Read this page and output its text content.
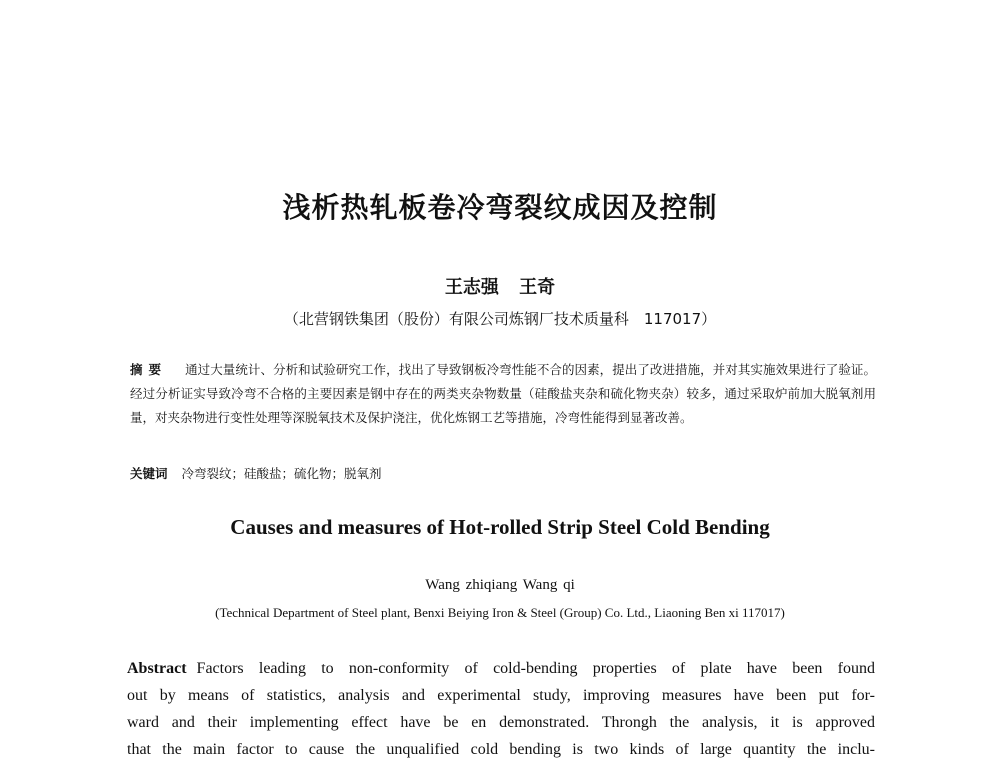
浅析热轧板卷冷弯裂纹成因及控制
王志强 王奇
（北营钢铁集团（股份）有限公司炼钢厂技术质量科　117017）
摘要 通过大量统计、分析和试验研究工作，找出了导致钢板冷弯性能不合的因素，提出了改进措施，并对其实施效果进行了验证。经过分析证实导致冷弯不合格的主要因素是钢中存在的两类夹杂物数量（硅酸盐夹杂和硫化物夹杂）较多，通过采取炉前加大脱氧剂用量，对夹杂物进行变性处理等深脱氧技术及保护浇注，优化炼钢工艺等措施，冷弯性能得到显著改善。
关键词 冷弯裂纹；硅酸盐；硫化物；脱氧剂
Causes and measures of Hot-rolled Strip Steel Cold Bending
Wang zhiqiang Wang qi
(Technical Department of Steel plant, Benxi Beiying Iron & Steel (Group) Co. Ltd., Liaoning Ben xi 117017)
Abstract Factors leading to non-conformity of cold-bending properties of plate have been found
out by means of statistics, analysis and experimental study, improving measures have been put for-
ward and their implementing effect have be en demonstrated. Throngh the analysis, it is approved
that the main factor to cause the unqualified cold bending is two kinds of large quantity the inclu-
